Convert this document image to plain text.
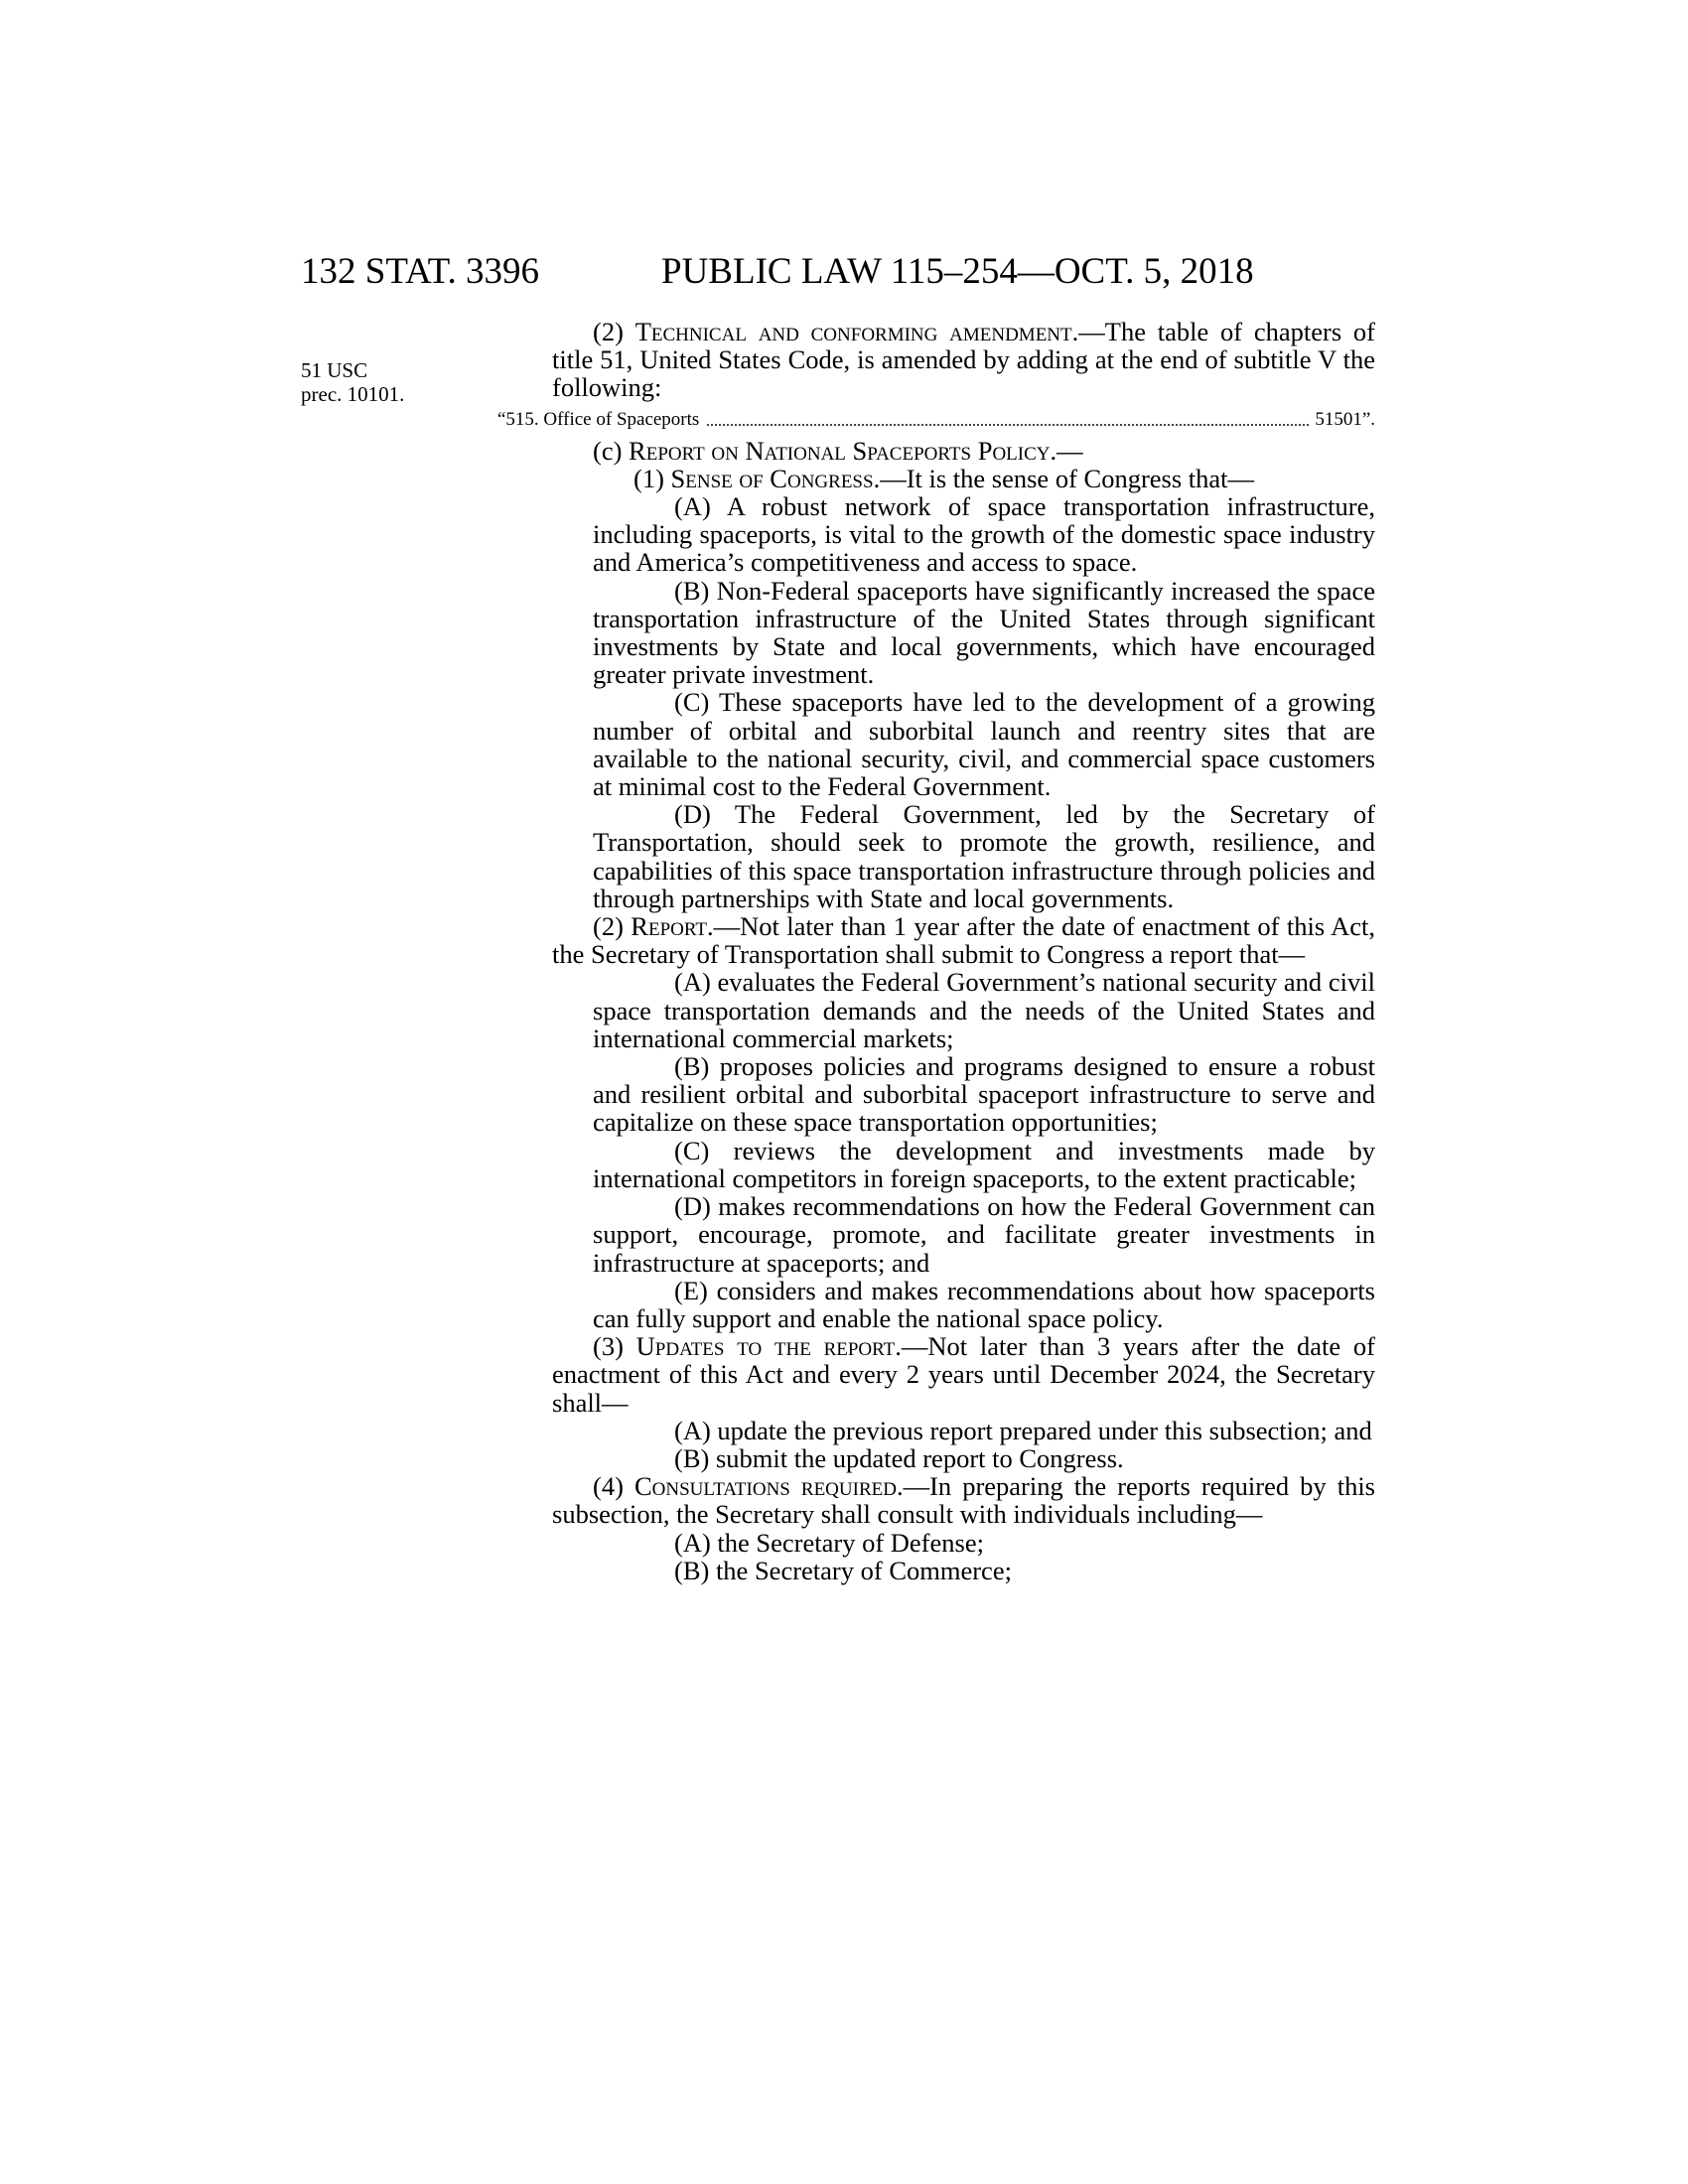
132 STAT. 3396	PUBLIC LAW 115–254—OCT. 5, 2018
51 USC
prec. 10101.

(2) Technical and conforming amendment.—The table of chapters of title 51, United States Code, is amended by adding at the end of subtitle V the following:

“515. Office of Spaceports	51501”.

(c) Report on National Spaceports Policy.—

(1) Sense of Congress.—It is the sense of Congress that—

(A) A robust network of space transportation infrastructure, including spaceports, is vital to the growth of the domestic space industry and America’s competitiveness and access to space.

(B) Non-Federal spaceports have significantly increased the space transportation infrastructure of the United States through significant investments by State and local governments, which have encouraged greater private investment.

(C) These spaceports have led to the development of a growing number of orbital and suborbital launch and reentry sites that are available to the national security, civil, and commercial space customers at minimal cost to the Federal Government.

(D) The Federal Government, led by the Secretary of Transportation, should seek to promote the growth, resilience, and capabilities of this space transportation infrastructure through policies and through partnerships with State and local governments.

(2) Report.—Not later than 1 year after the date of enactment of this Act, the Secretary of Transportation shall submit to Congress a report that—

(A) evaluates the Federal Government’s national security and civil space transportation demands and the needs of the United States and international commercial markets;

(B) proposes policies and programs designed to ensure a robust and resilient orbital and suborbital spaceport infrastructure to serve and capitalize on these space transportation opportunities;

(C) reviews the development and investments made by international competitors in foreign spaceports, to the extent practicable;

(D) makes recommendations on how the Federal Government can support, encourage, promote, and facilitate greater investments in infrastructure at spaceports; and

(E) considers and makes recommendations about how spaceports can fully support and enable the national space policy.

(3) Updates to the report.—Not later than 3 years after the date of enactment of this Act and every 2 years until December 2024, the Secretary shall—

(A) update the previous report prepared under this subsection; and

(B) submit the updated report to Congress.

(4) Consultations required.—In preparing the reports required by this subsection, the Secretary shall consult with individuals including—

(A) the Secretary of Defense;

(B) the Secretary of Commerce;
